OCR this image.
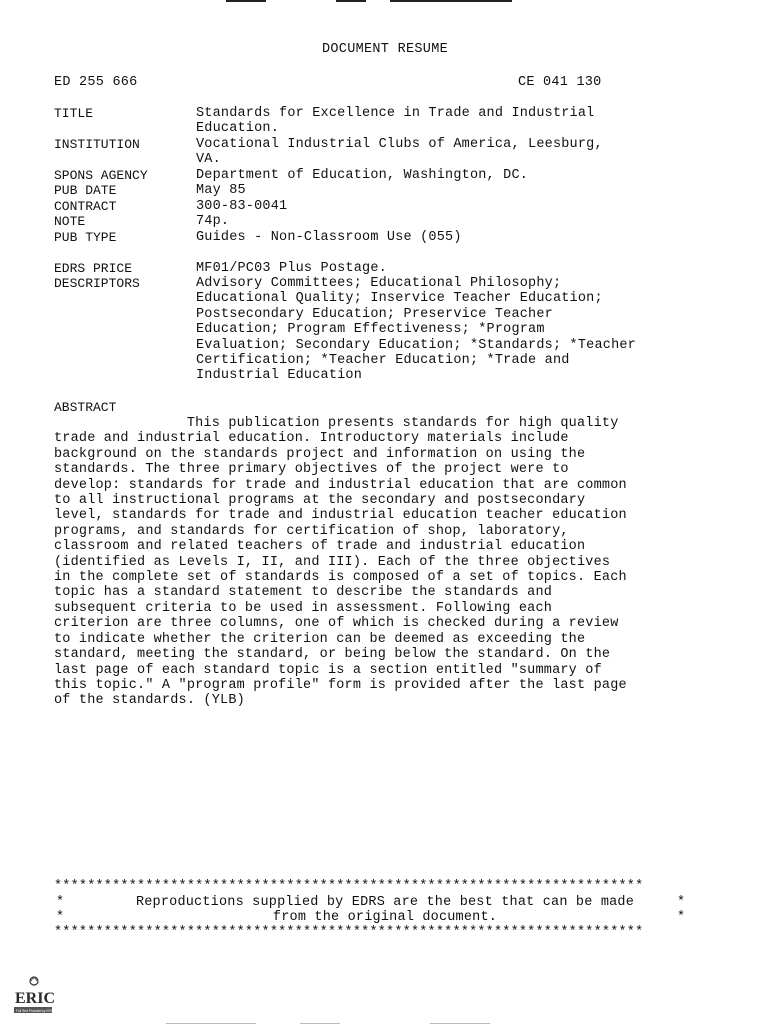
DOCUMENT RESUME
ED 255 666	CE 041 130
TITLE	Standards for Excellence in Trade and Industrial
Education.
INSTITUTION	Vocational Industrial Clubs of America, Leesburg,
VA.
SPONS AGENCY	Department of Education, Washington, DC.
PUB DATE	May 85
CONTRACT	300-83-0041
NOTE	74p.
PUB TYPE	Guides - Non-Classroom Use (055)
EDRS PRICE	MF01/PC03 Plus Postage.
DESCRIPTORS	Advisory Committees; Educational Philosophy;
Educational Quality; Inservice Teacher Education;
Postsecondary Education; Preservice Teacher
Education; Program Effectiveness; *Program
Evaluation; Secondary Education; *Standards; *Teacher
Certification; *Teacher Education; *Trade and
Industrial Education
ABSTRACT
This publication presents standards for high quality
trade and industrial education. Introductory materials include
background on the standards project and information on using the
standards. The three primary objectives of the project were to
develop: standards for trade and industrial education that are common
to all instructional programs at the secondary and postsecondary
level, standards for trade and industrial education teacher education
programs, and standards for certification of shop, laboratory,
classroom and related teachers of trade and industrial education
(identified as Levels I, II, and III). Each of the three objectives
in the complete set of standards is composed of a set of topics. Each
topic has a standard statement to describe the standards and
subsequent criteria to be used in assessment. Following each
criterion are three columns, one of which is checked during a review
to indicate whether the criterion can be deemed as exceeding the
standard, meeting the standard, or being below the standard. On the
last page of each standard topic is a section entitled "summary of
this topic." A "program profile" form is provided after the last page
of the standards. (YLB)
***********************************************************************
*	Reproductions supplied by EDRS are the best that can be made	*
*	from the original document.	*
***********************************************************************
ERIC
Full Text Provided by ERIC
